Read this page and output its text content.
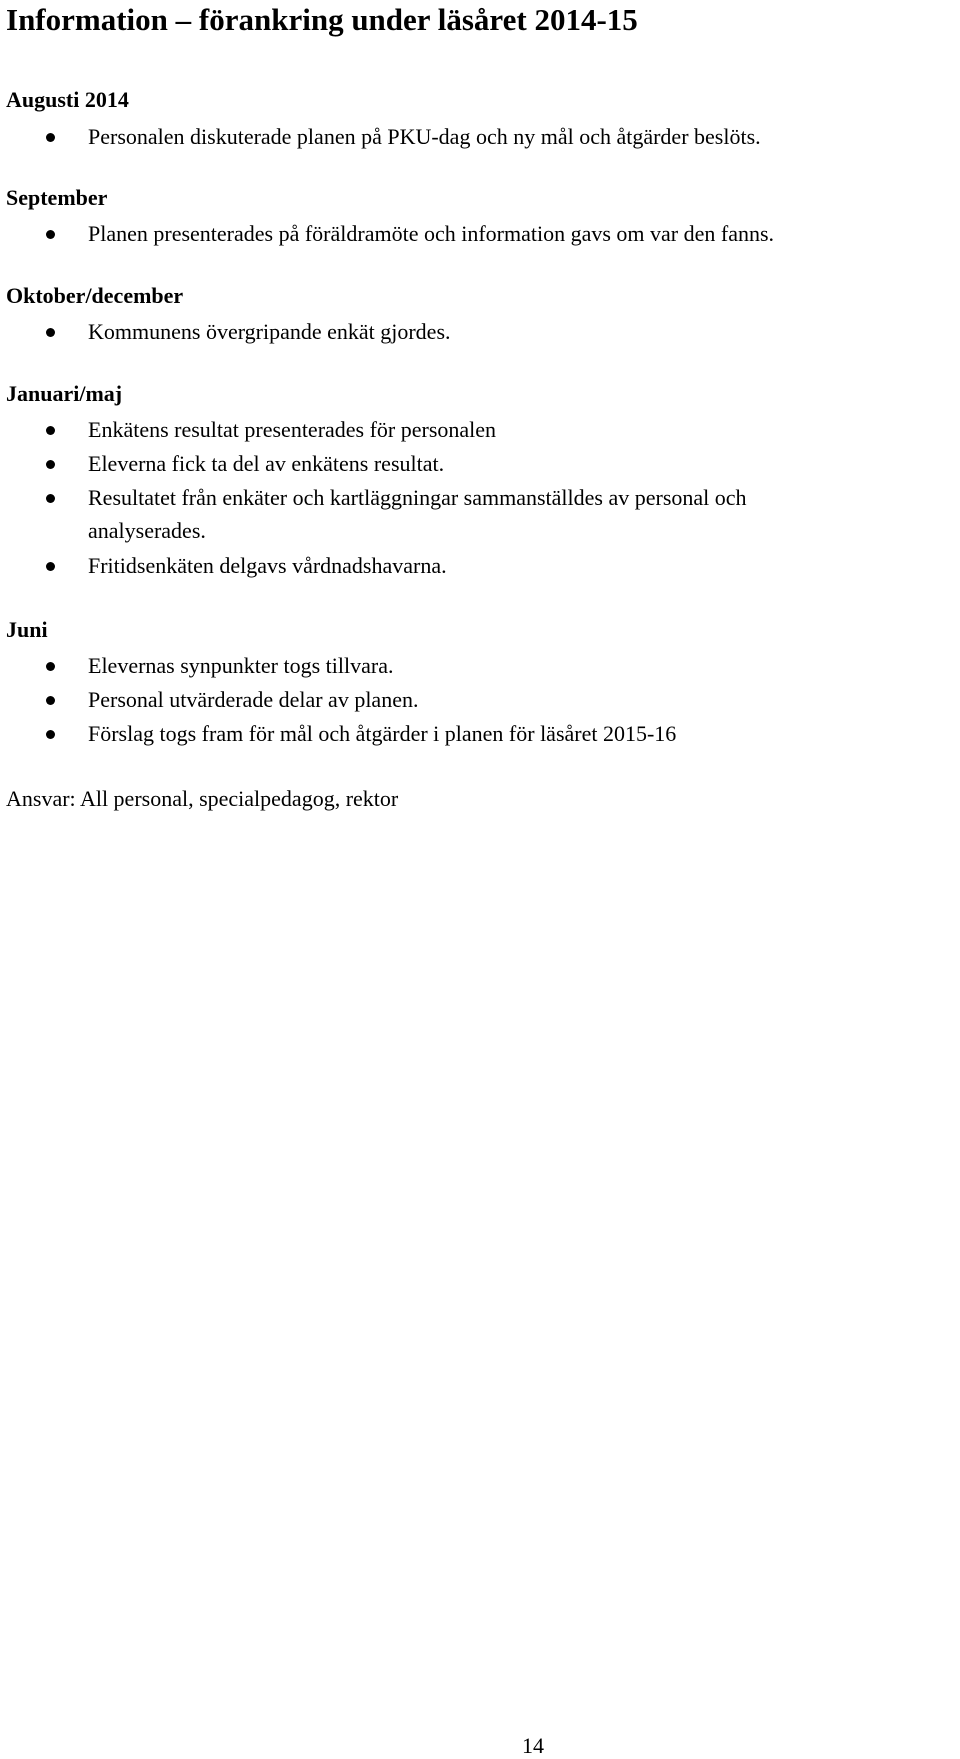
Information – förankring under läsåret 2014-15

Augusti 2014

Personalen diskuterade planen på PKU-dag och ny mål och åtgärder beslöts.

September

Planen presenterades på föräldramöte och information gavs om var den fanns.

Oktober/december

Kommunens övergripande enkät gjordes.

Januari/maj

Enkätens resultat presenterades för personalen

Eleverna fick ta del av enkätens resultat.

Resultatet från enkäter och kartläggningar sammanställdes av personal och

analyserades.

Fritidsenkäten delgavs vårdnadshavarna.

Juni

Elevernas synpunkter togs tillvara.

Personal utvärderade delar av planen.

Förslag togs fram för mål och åtgärder i planen för läsåret 2015-16

Ansvar: All personal, specialpedagog, rektor

14
